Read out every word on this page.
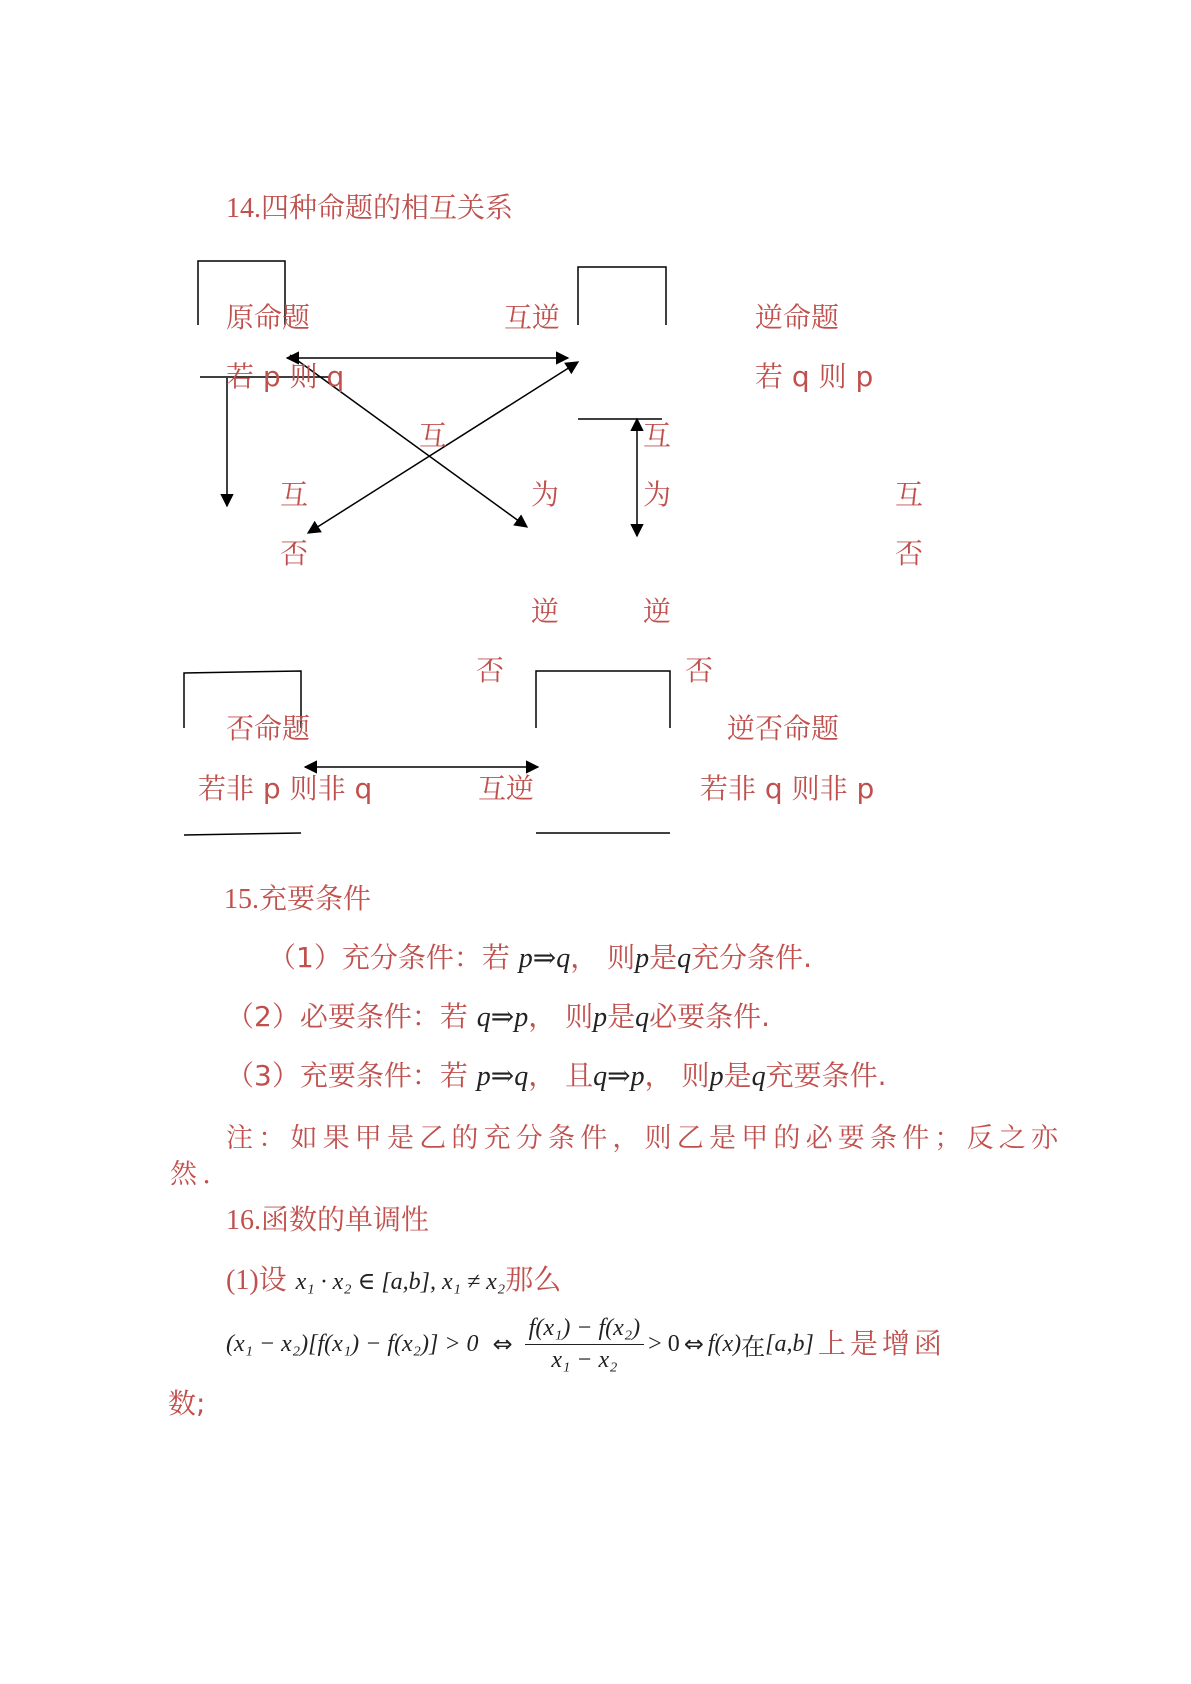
14.四种命题的相互关系
原命题
若 p 则 q
逆命题
若 q 则 p
否命题
若非 p 则非 q
逆否命题
若非 q 则非 p
互逆
互逆
互
否
互
否
互
为
逆
否
互
为
逆
否
15.充要条件
（1）充分条件：若 p⇒q， 则p是q充分条件.
（2）必要条件：若 q⇒p， 则p是q必要条件.
（3）充要条件：若 p⇒q， 且q⇒p， 则p是q充要条件.
注：如果甲是乙的充分条件，则乙是甲的必要条件；反之亦
然.
16.函数的单调性
(1)设 x₁ · x₂ ∈ [a,b], x₁ ≠ x₂那么
(x₁ − x₂)[f(x₁) − f(x₂)] > 0 ⇔ $\frac{\text{f(x₁) − f(x₂)}}{\text{x₁ − x₂}} > 0$ ⇔ f(x) 在 [a,b] 上是增函
数;
